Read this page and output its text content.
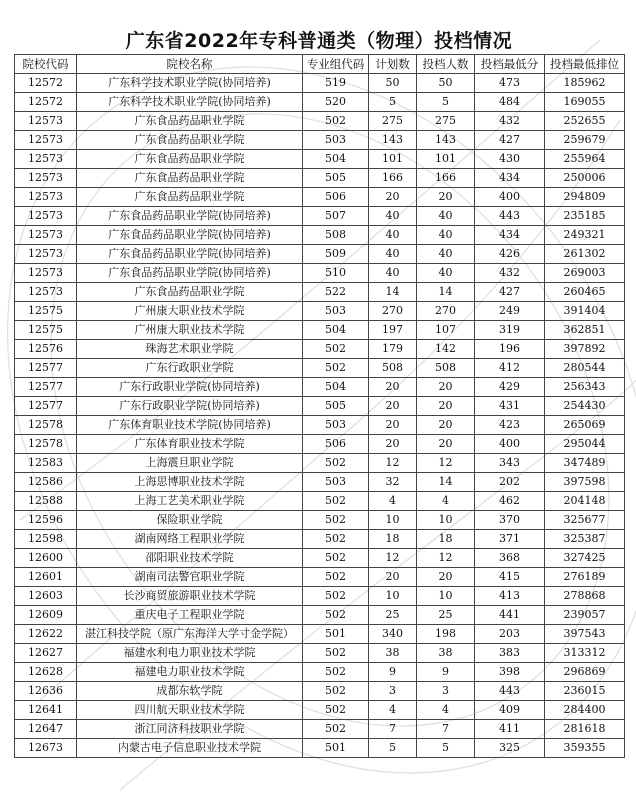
广东省2022年专科普通类（物理）投档情况
院校代码	院校名称	专业组代码	计划数	投档人数	投档最低分	投档最低排位
12572	广东科学技术职业学院(协同培养)	519	50	50	473	185962
12572	广东科学技术职业学院(协同培养)	520	5	5	484	169055
12573	广东食品药品职业学院	502	275	275	432	252655
12573	广东食品药品职业学院	503	143	143	427	259679
12573	广东食品药品职业学院	504	101	101	430	255964
12573	广东食品药品职业学院	505	166	166	434	250006
12573	广东食品药品职业学院	506	20	20	400	294809
12573	广东食品药品职业学院(协同培养)	507	40	40	443	235185
12573	广东食品药品职业学院(协同培养)	508	40	40	434	249321
12573	广东食品药品职业学院(协同培养)	509	40	40	426	261302
12573	广东食品药品职业学院(协同培养)	510	40	40	432	269003
12573	广东食品药品职业学院	522	14	14	427	260465
12575	广州康大职业技术学院	503	270	270	249	391404
12575	广州康大职业技术学院	504	197	107	319	362851
12576	珠海艺术职业学院	502	179	142	196	397892
12577	广东行政职业学院	502	508	508	412	280544
12577	广东行政职业学院(协同培养)	504	20	20	429	256343
12577	广东行政职业学院(协同培养)	505	20	20	431	254430
12578	广东体育职业技术学院(协同培养)	503	20	20	423	265069
12578	广东体育职业技术学院	506	20	20	400	295044
12583	上海震旦职业学院	502	12	12	343	347489
12586	上海思博职业技术学院	503	32	14	202	397598
12588	上海工艺美术职业学院	502	4	4	462	204148
12596	保险职业学院	502	10	10	370	325677
12598	湖南网络工程职业学院	502	18	18	371	325387
12600	邵阳职业技术学院	502	12	12	368	327425
12601	湖南司法警官职业学院	502	20	20	415	276189
12603	长沙商贸旅游职业技术学院	502	10	10	413	278868
12609	重庆电子工程职业学院	502	25	25	441	239057
12622	湛江科技学院（原广东海洋大学寸金学院）	501	340	198	203	397543
12627	福建水利电力职业技术学院	502	38	38	383	313312
12628	福建电力职业技术学院	502	9	9	398	296869
12636	成都东软学院	502	3	3	443	236015
12641	四川航天职业技术学院	502	4	4	409	284400
12647	浙江同济科技职业学院	502	7	7	411	281618
12673	内蒙古电子信息职业技术学院	501	5	5	325	359355
